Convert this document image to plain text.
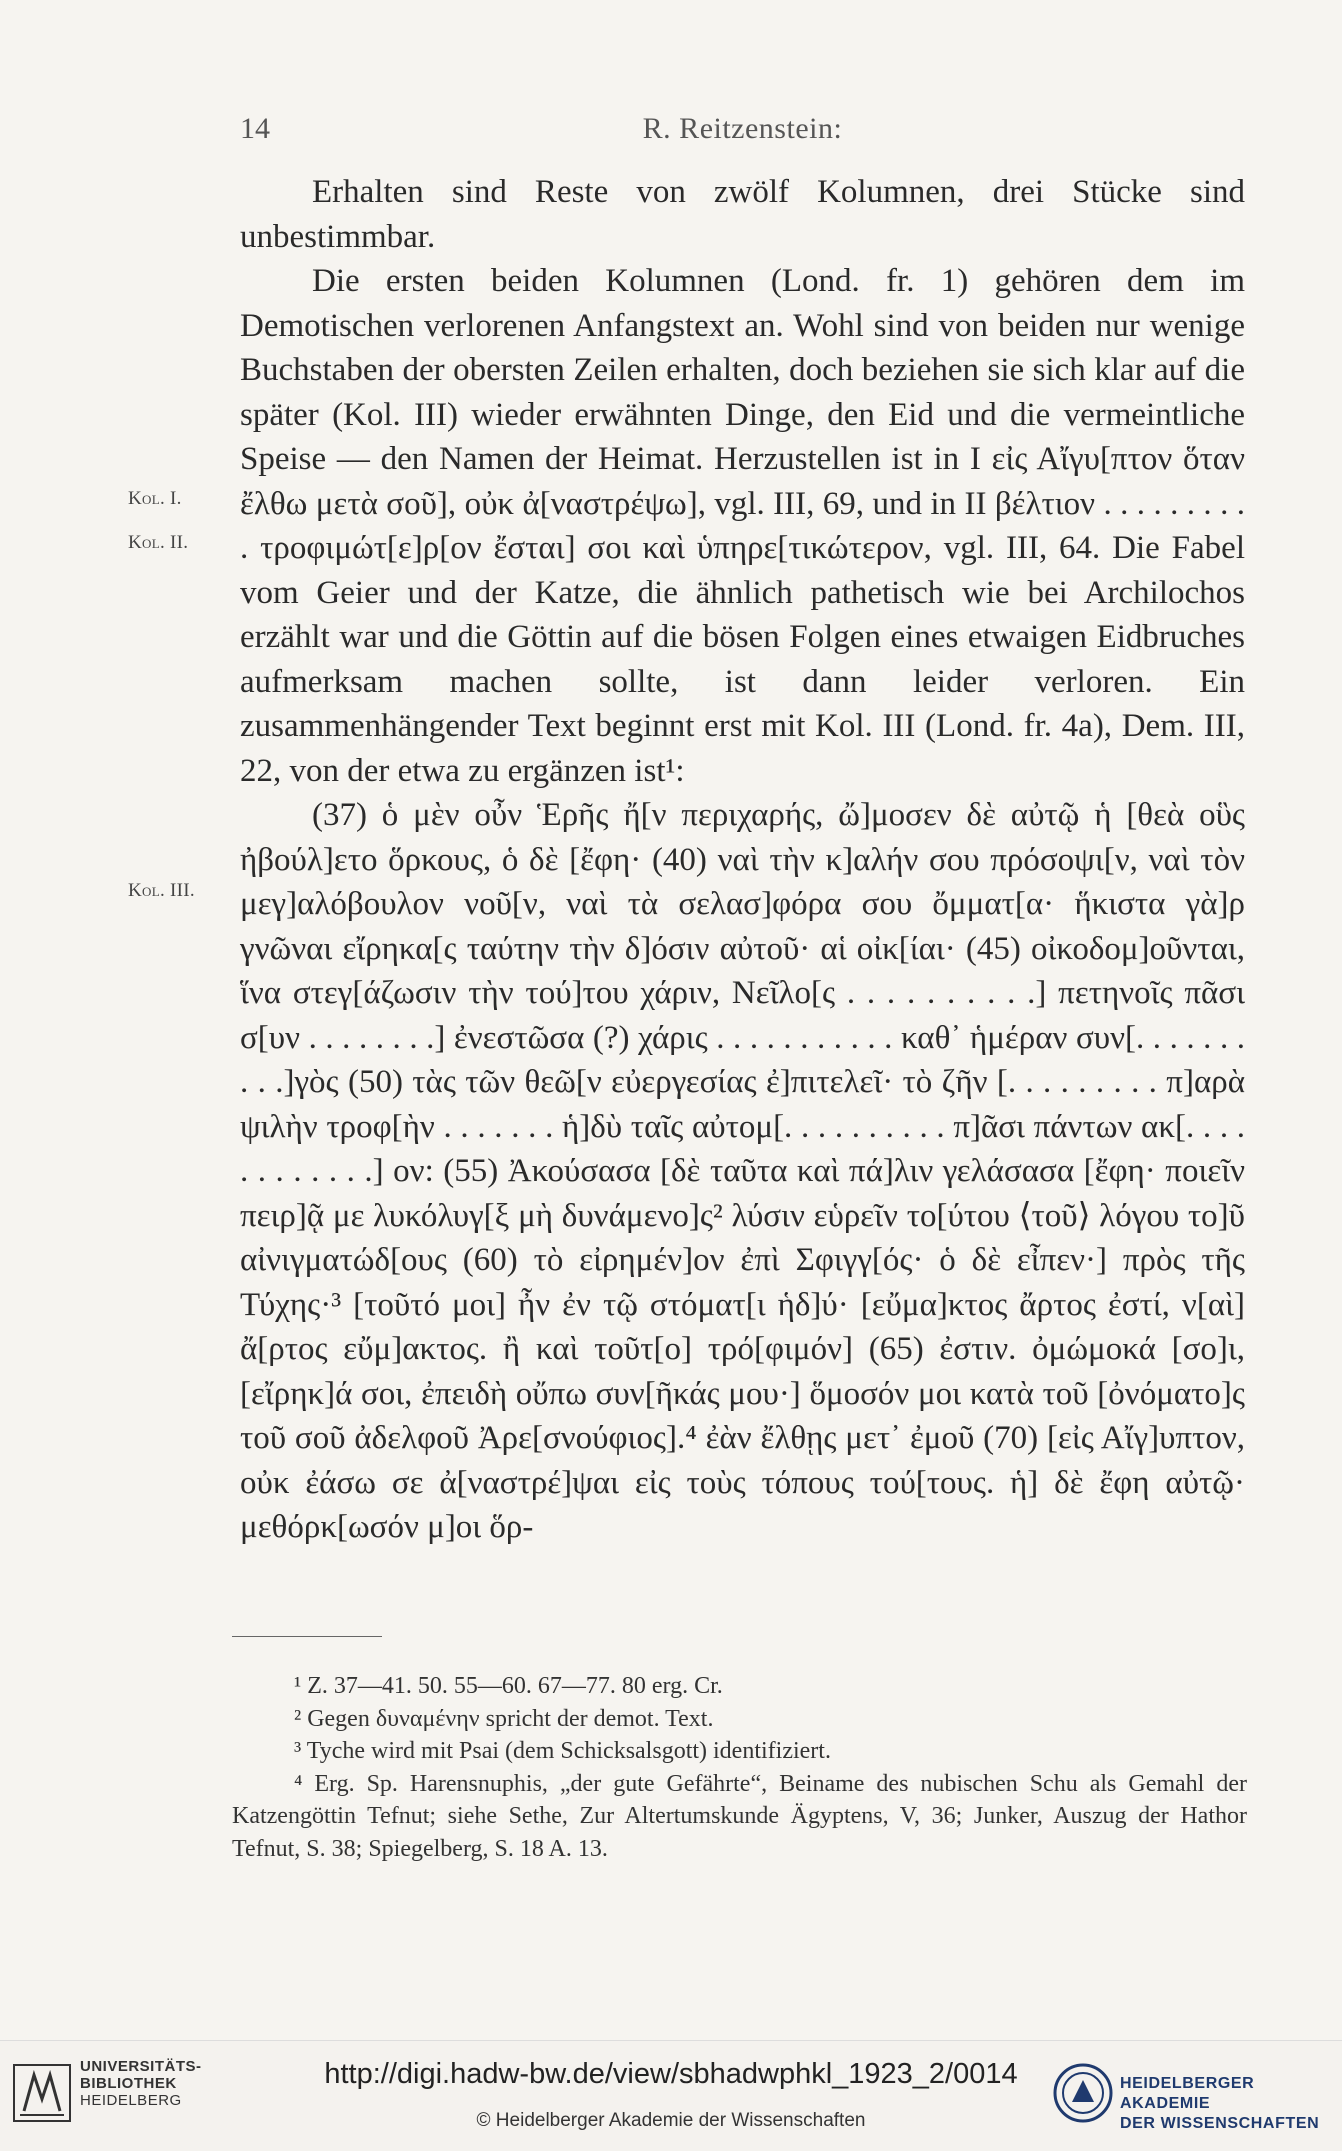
14	R. Reitzenstein:
Kol. I.
Kol. II.
Kol. III.

Erhalten sind Reste von zwölf Kolumnen, drei Stücke sind unbestimmbar.

Die ersten beiden Kolumnen (Lond. fr. 1) gehören dem im Demotischen verlorenen Anfangstext an. Wohl sind von beiden nur wenige Buchstaben der obersten Zeilen erhalten, doch beziehen sie sich klar auf die später (Kol. III) wieder erwähnten Dinge, den Eid und die vermeintliche Speise — den Namen der Heimat. Herzustellen ist in I εἰς Αἴγυ[πτον ὅταν ἔλθω μετὰ σοῦ], οὐκ ἀ[ναστρέψω], vgl. III, 69, und in II βέλτιον . . . . . . . . . . τροφιμώτ[ε]ρ[ον ἔσται] σοι καὶ ὑπηρε[τικώτερον, vgl. III, 64. Die Fabel vom Geier und der Katze, die ähnlich pathetisch wie bei Archilochos erzählt war und die Göttin auf die bösen Folgen eines etwaigen Eidbruches aufmerksam machen sollte, ist dann leider verloren. Ein zusammenhängender Text beginnt erst mit Kol. III (Lond. fr. 4a), Dem. III, 22, von der etwa zu ergänzen ist¹:

(37) ὁ μὲν οὖν Ἑρῆς ἤ[ν περιχαρής, ὤ]μοσεν δὲ αὐτῷ ἡ [θεὰ οὓς ἠβούλ]ετο ὅρκους, ὁ δὲ [ἔφη· (40) ναὶ τὴν κ]αλήν σου πρόσοψι[ν, ναὶ τὸν μεγ]αλόβουλον νοῦ[ν, ναὶ τὰ σελασ]φόρα σου ὄμματ[α· ἥκιστα γὰ]ρ γνῶναι εἴρηκα[ς ταύτην τὴν δ]όσιν αὐτοῦ· αἱ οἰκ[ίαι· (45) οἰκοδομ]οῦνται, ἵνα στεγ[άζωσιν τὴν τού]του χάριν, Νεῖλο[ς . . . . . . . . . .] πετηνοῖς πᾶσι σ[υν . . . . . . . .] ἐνεστῶσα (?) χάρις . . . . . . . . . . . καθ᾽ ἡμέραν συν[. . . . . . . . . .]γὸς (50) τὰς τῶν θεῶ[ν εὐεργεσίας ἐ]πιτελεῖ· τὸ ζῆν [. . . . . . . . . π]αρὰ ψιλὴν τροφ[ὴν . . . . . . . ἡ]δὺ ταῖς αὐτομ[. . . . . . . . . . π]ᾶσι πάντων ακ[. . . . . . . . . . . .] ον: (55) Ἀκούσασα [δὲ ταῦτα καὶ πά]λιν γελάσασα [ἔφη· ποιεῖν πειρ]ᾷ με λυκόλυγ[ξ μὴ δυνάμενο]ς² λύσιν εὑρεῖν το[ύτου ⟨τοῦ⟩ λόγου το]ῦ αἰνιγματώδ[ους (60) τὸ εἰρημέν]ον ἐπὶ Σφιγγ[ός· ὁ δὲ εἶπεν·] πρὸς τῆς Τύχης·³ [τοῦτό μοι] ἦν ἐν τῷ στόματ[ι ἡδ]ύ· [εὔμα]κτος ἄρτος ἐστί, ν[αὶ] ἄ[ρτος εὔμ]ακτος. ἢ καὶ τοῦτ[ο] τρό[φιμόν] (65) ἐστιν. ὀμώμοκά [σο]ι, [εἴρηκ]ά σοι, ἐπειδὴ οὔπω συν[ῆκάς μου·] ὅμοσόν μοι κατὰ τοῦ [ὀνόματο]ς τοῦ σοῦ ἀδελφοῦ Ἀρε[σνούφιος].⁴ ἐὰν ἔλθῃς μετ᾽ ἐμοῦ (70) [εἰς Αἴγ]υπτον, οὐκ ἐάσω σε ἀ[ναστρέ]ψαι εἰς τοὺς τόπους τού[τους. ἡ] δὲ ἔφη αὐτῷ· μεθόρκ[ωσόν μ]οι ὅρ-

¹ Z. 37—41. 50. 55—60. 67—77. 80 erg. Cr.

² Gegen δυναμένην spricht der demot. Text.

³ Tyche wird mit Psai (dem Schicksalsgott) identifiziert.

⁴ Erg. Sp. Harensnuphis, „der gute Gefährte“, Beiname des nubischen Schu als Gemahl der Katzengöttin Tefnut; siehe Sethe, Zur Altertumskunde Ägyptens, V, 36; Junker, Auszug der Hathor Tefnut, S. 38; Spiegelberg, S. 18 A. 13.

UNIVERSITÄTS-
BIBLIOTHEK
HEIDELBERG
http://digi.hadw-bw.de/view/sbhadwphkl_1923_2/0014
© Heidelberger Akademie der Wissenschaften
HEIDELBERGER AKADEMIE
DER WISSENSCHAFTEN
